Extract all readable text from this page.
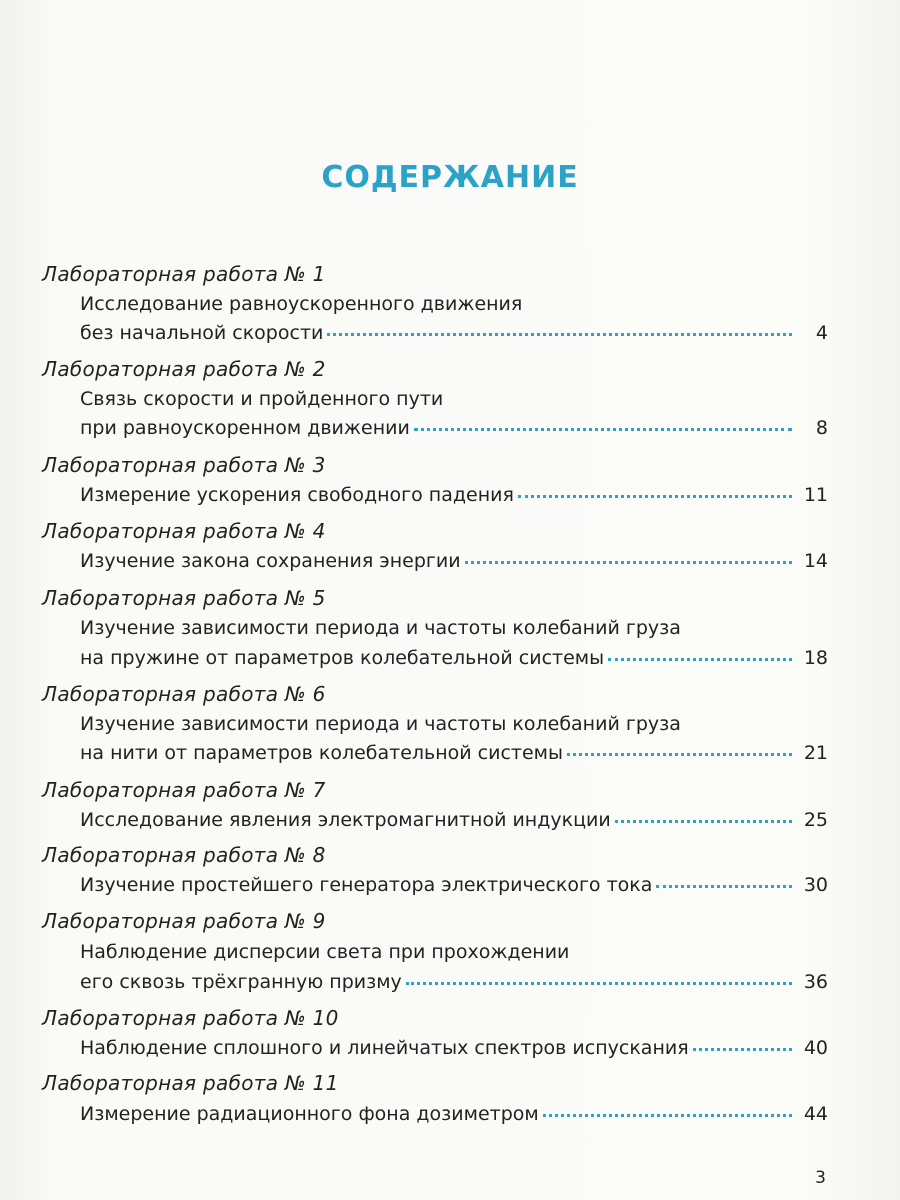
СОДЕРЖАНИЕ
Лабораторная работа № 1
Исследование равноускоренного движения
без начальной скорости	4
Лабораторная работа № 2
Связь скорости и пройденного пути
при равноускоренном движении	8
Лабораторная работа № 3
Измерение ускорения свободного падения	11
Лабораторная работа № 4
Изучение закона сохранения энергии	14
Лабораторная работа № 5
Изучение зависимости периода и частоты колебаний груза
на пружине от параметров колебательной системы	18
Лабораторная работа № 6
Изучение зависимости периода и частоты колебаний груза
на нити от параметров колебательной системы	21
Лабораторная работа № 7
Исследование явления электромагнитной индукции	25
Лабораторная работа № 8
Изучение простейшего генератора электрического тока	30
Лабораторная работа № 9
Наблюдение дисперсии света при прохождении
его сквозь трёхгранную призму	36
Лабораторная работа № 10
Наблюдение сплошного и линейчатых спектров испускания	40
Лабораторная работа № 11
Измерение радиационного фона дозиметром	44
3
